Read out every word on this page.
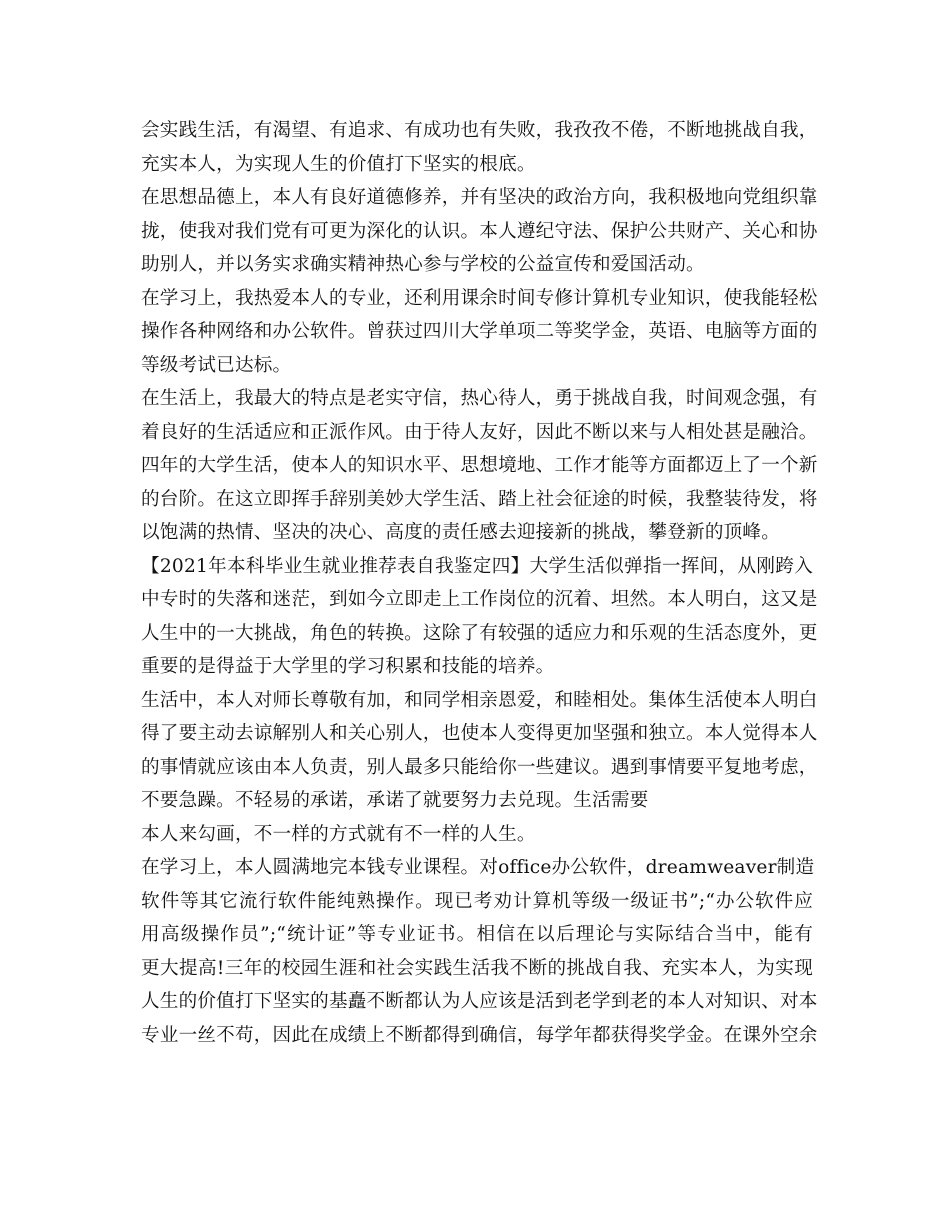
会实践生活，有渴望、有追求、有成功也有失败，我孜孜不倦，不断地挑战自我，
充实本人，为实现人生的价值打下坚实的根底。
在思想品德上，本人有良好道德修养，并有坚决的政治方向，我积极地向党组织靠
拢，使我对我们党有可更为深化的认识。本人遵纪守法、保护公共财产、关心和协
助别人，并以务实求确实精神热心参与学校的公益宣传和爱国活动。
在学习上，我热爱本人的专业，还利用课余时间专修计算机专业知识，使我能轻松
操作各种网络和办公软件。曾获过四川大学单项二等奖学金，英语、电脑等方面的
等级考试已达标。
在生活上，我最大的特点是老实守信，热心待人，勇于挑战自我，时间观念强，有
着良好的生活适应和正派作风。由于待人友好，因此不断以来与人相处甚是融洽。
四年的大学生活，使本人的知识水平、思想境地、工作才能等方面都迈上了一个新
的台阶。在这立即挥手辞别美妙大学生活、踏上社会征途的时候，我整装待发，将
以饱满的热情、坚决的决心、高度的责任感去迎接新的挑战，攀登新的顶峰。
【2021年本科毕业生就业推荐表自我鉴定四】大学生活似弹指一挥间，从刚跨入
中专时的失落和迷茫，到如今立即走上工作岗位的沉着、坦然。本人明白，这又是
人生中的一大挑战，角色的转换。这除了有较强的适应力和乐观的生活态度外，更
重要的是得益于大学里的学习积累和技能的培养。
生活中，本人对师长尊敬有加，和同学相亲恩爱，和睦相处。集体生活使本人明白
得了要主动去谅解别人和关心别人，也使本人变得更加坚强和独立。本人觉得本人
的事情就应该由本人负责，别人最多只能给你一些建议。遇到事情要平复地考虑，
不要急躁。不轻易的承诺，承诺了就要努力去兑现。生活需要
本人来勾画，不一样的方式就有不一样的人生。
在学习上，本人圆满地完本钱专业课程。对office办公软件，dreamweaver制造
软件等其它流行软件能纯熟操作。现已考劝计算机等级一级证书”;“办公软件应
用高级操作员”;“统计证”等专业证书。相信在以后理论与实际结合当中，能有
更大提高!三年的校园生涯和社会实践生活我不断的挑战自我、充实本人，为实现
人生的价值打下坚实的基矗不断都认为人应该是活到老学到老的本人对知识、对本
专业一丝不苟，因此在成绩上不断都得到确信，每学年都获得奖学金。在课外空余
